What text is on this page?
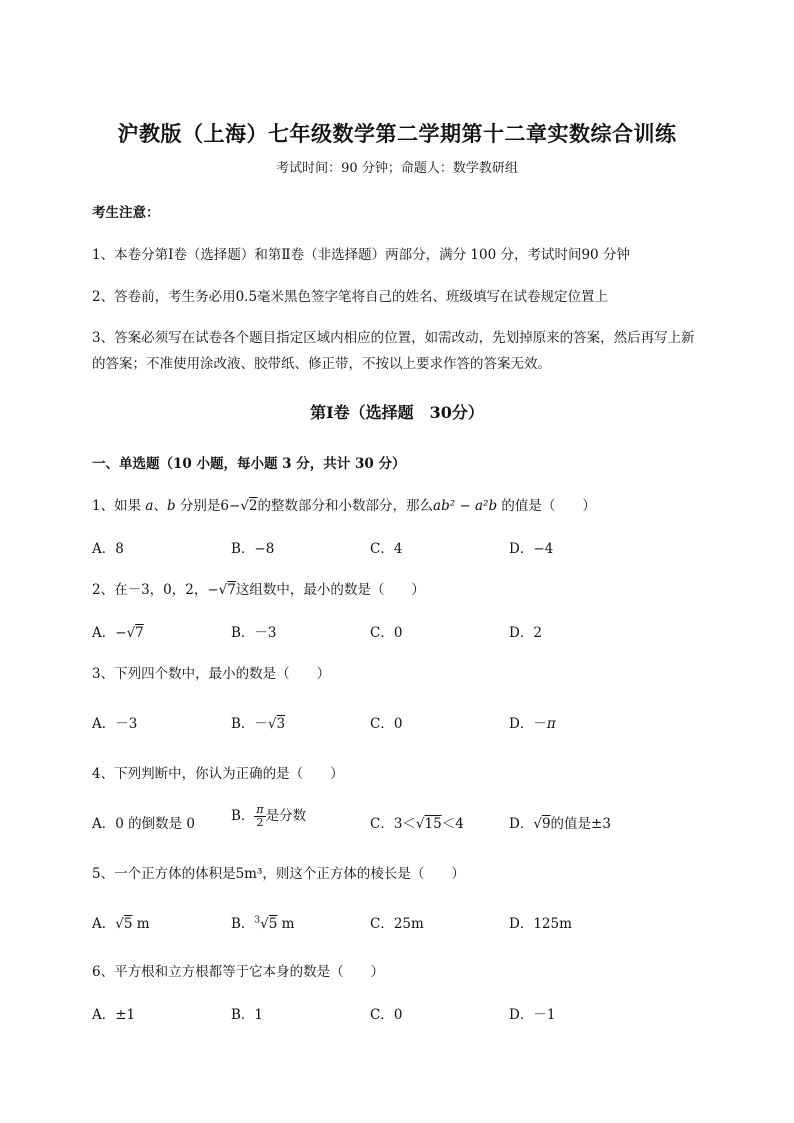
沪教版（上海）七年级数学第二学期第十二章实数综合训练
考试时间：90 分钟；命题人：数学教研组
考生注意：
1、本卷分第Ⅰ卷（选择题）和第Ⅱ卷（非选择题）两部分，满分 100 分，考试时间90 分钟
2、答卷前，考生务必用0.5毫米黑色签字笔将自己的姓名、班级填写在试卷规定位置上
3、答案必须写在试卷各个题目指定区域内相应的位置，如需改动，先划掉原来的答案，然后再写上新
的答案；不准使用涂改液、胶带纸、修正带，不按以上要求作答的答案无效。
第Ⅰ卷（选择题　30分）
一、单选题（10 小题，每小题 3 分，共计 30 分）
1、如果 a、b 分别是6−√2的整数部分和小数部分，那么ab² − a²b 的值是（　　）
A．8	B．−8	C．4	D．−4
2、在－3，0，2，−√7这组数中，最小的数是（　　）
A．−√7	B．－3	C．0	D．2
3、下列四个数中，最小的数是（　　）
A．－3	B．－√3	C．0	D．－π
4、下列判断中，你认为正确的是（　　）
A．0 的倒数是 0	B． $\frac{\pi}{2}$ 是分数	C．3＜√15＜4	D．√9的值是±3
5、一个正方体的体积是5m³，则这个正方体的棱长是（　　）
A．√5 m	B．$^3$√5 m	C．25m	D．125m
6、平方根和立方根都等于它本身的数是（　　）
A．±1	B．1	C．0	D．－1
